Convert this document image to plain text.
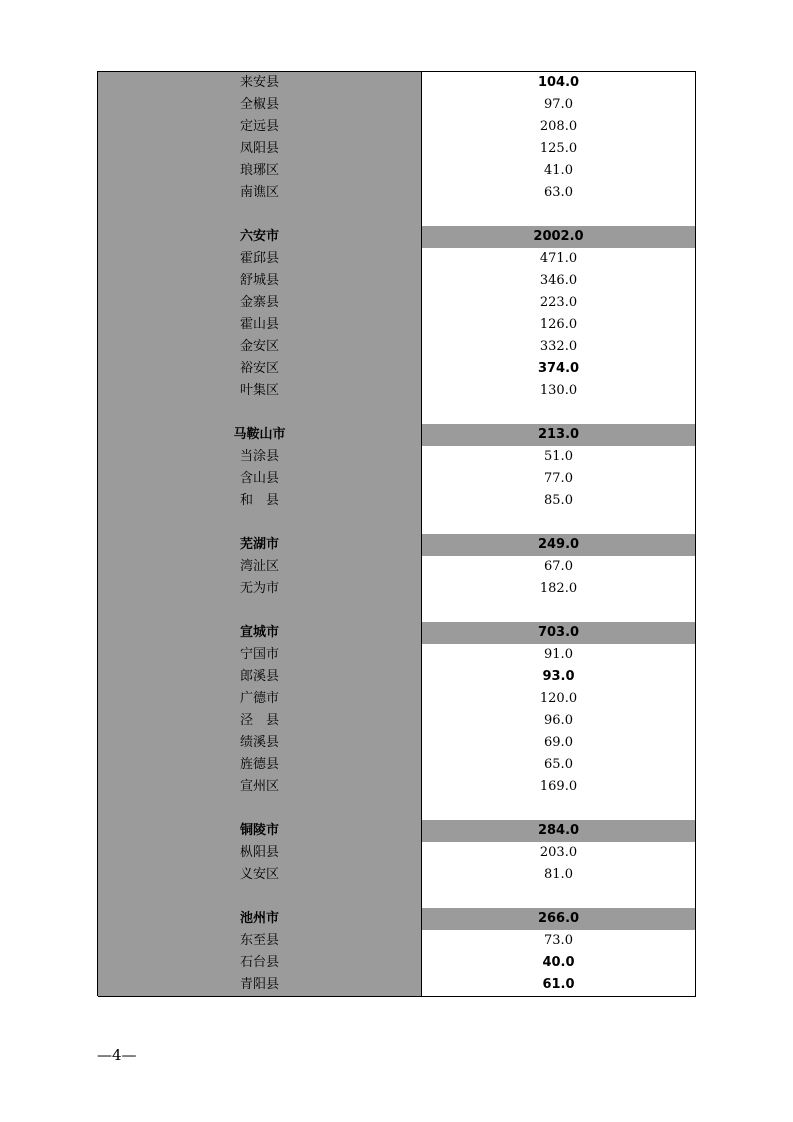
来安县	104.0
全椒县	97.0
定远县	208.0
凤阳县	125.0
琅琊区	41.0
南谯区	63.0
六安市	2002.0
霍邱县	471.0
舒城县	346.0
金寨县	223.0
霍山县	126.0
金安区	332.0
裕安区	374.0
叶集区	130.0
马鞍山市	213.0
当涂县	51.0
含山县	77.0
和　县	85.0
芜湖市	249.0
湾沚区	67.0
无为市	182.0
宣城市	703.0
宁国市	91.0
郎溪县	93.0
广德市	120.0
泾　县	96.0
绩溪县	69.0
旌德县	65.0
宣州区	169.0
铜陵市	284.0
枞阳县	203.0
义安区	81.0
池州市	266.0
东至县	73.0
石台县	40.0
青阳县	61.0
—4—
